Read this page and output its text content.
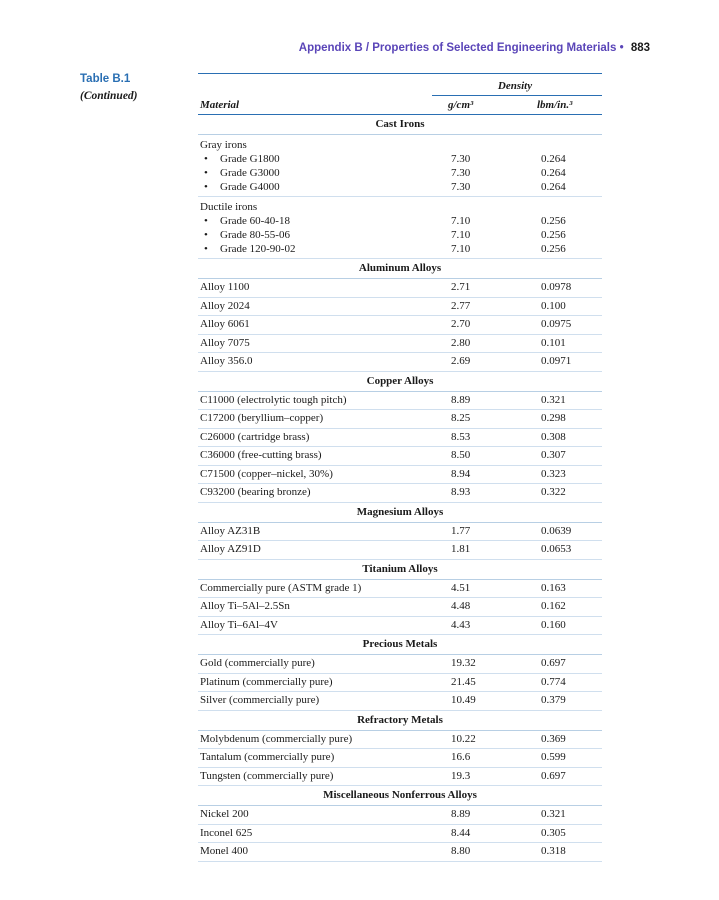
Appendix B / Properties of Selected Engineering Materials • 883
Table B.1
(Continued)
Density
Material	g/cm³	lbm/in.³
Cast Irons
Gray irons
• Grade G1800	7.30	0.264
• Grade G3000	7.30	0.264
• Grade G4000	7.30	0.264
Ductile irons
• Grade 60-40-18	7.10	0.256
• Grade 80-55-06	7.10	0.256
• Grade 120-90-02	7.10	0.256
Aluminum Alloys
Alloy 1100	2.71	0.0978
Alloy 2024	2.77	0.100
Alloy 6061	2.70	0.0975
Alloy 7075	2.80	0.101
Alloy 356.0	2.69	0.0971
Copper Alloys
C11000 (electrolytic tough pitch)	8.89	0.321
C17200 (beryllium–copper)	8.25	0.298
C26000 (cartridge brass)	8.53	0.308
C36000 (free-cutting brass)	8.50	0.307
C71500 (copper–nickel, 30%)	8.94	0.323
C93200 (bearing bronze)	8.93	0.322
Magnesium Alloys
Alloy AZ31B	1.77	0.0639
Alloy AZ91D	1.81	0.0653
Titanium Alloys
Commercially pure (ASTM grade 1)	4.51	0.163
Alloy Ti–5Al–2.5Sn	4.48	0.162
Alloy Ti–6Al–4V	4.43	0.160
Precious Metals
Gold (commercially pure)	19.32	0.697
Platinum (commercially pure)	21.45	0.774
Silver (commercially pure)	10.49	0.379
Refractory Metals
Molybdenum (commercially pure)	10.22	0.369
Tantalum (commercially pure)	16.6	0.599
Tungsten (commercially pure)	19.3	0.697
Miscellaneous Nonferrous Alloys
Nickel 200	8.89	0.321
Inconel 625	8.44	0.305
Monel 400	8.80	0.318
